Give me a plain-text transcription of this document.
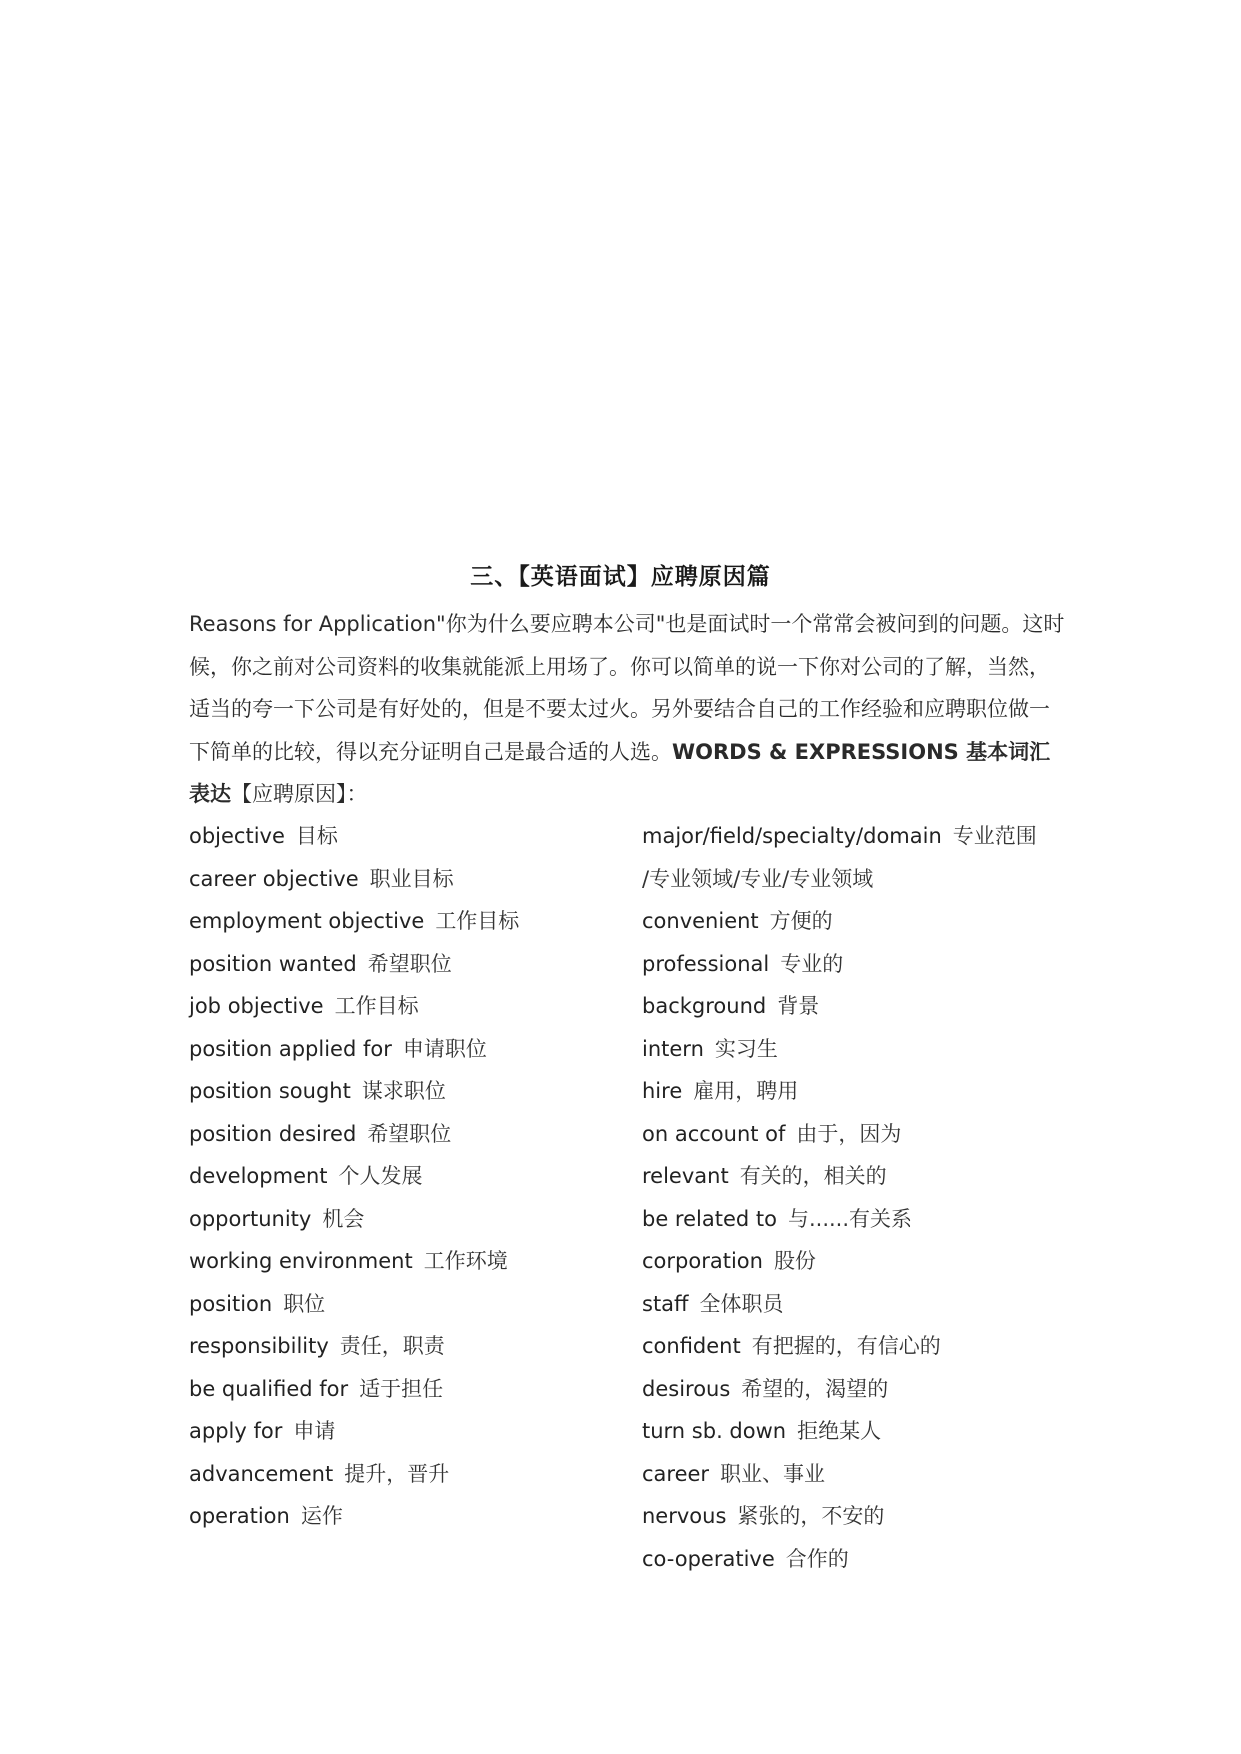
三、【英语面试】应聘原因篇
Reasons for Application"你为什么要应聘本公司"也是面试时一个常常会被问到的问题。这时候，你之前对公司资料的收集就能派上用场了。你可以简单的说一下你对公司的了解，当然，适当的夸一下公司是有好处的，但是不要太过火。另外要结合自己的工作经验和应聘职位做一下简单的比较，得以充分证明自己是最合适的人选。WORDS & EXPRESSIONS 基本词汇表达【应聘原因】：
objective 目标
career objective 职业目标
employment objective 工作目标
position wanted 希望职位
job objective 工作目标
position applied for 申请职位
position sought 谋求职位
position desired 希望职位
development 个人发展
opportunity 机会
working environment 工作环境
position 职位
responsibility 责任，职责
be qualified for 适于担任
apply for 申请
advancement 提升，晋升
operation 运作
major/field/specialty/domain 专业范围
/专业领域/专业/专业领域
convenient 方便的
professional 专业的
background 背景
intern 实习生
hire 雇用，聘用
on account of 由于，因为
relevant 有关的，相关的
be related to 与......有关系
corporation 股份
staff 全体职员
confident 有把握的，有信心的
desirous 希望的，渴望的
turn sb. down 拒绝某人
career 职业、事业
nervous 紧张的，不安的
co-operative 合作的
